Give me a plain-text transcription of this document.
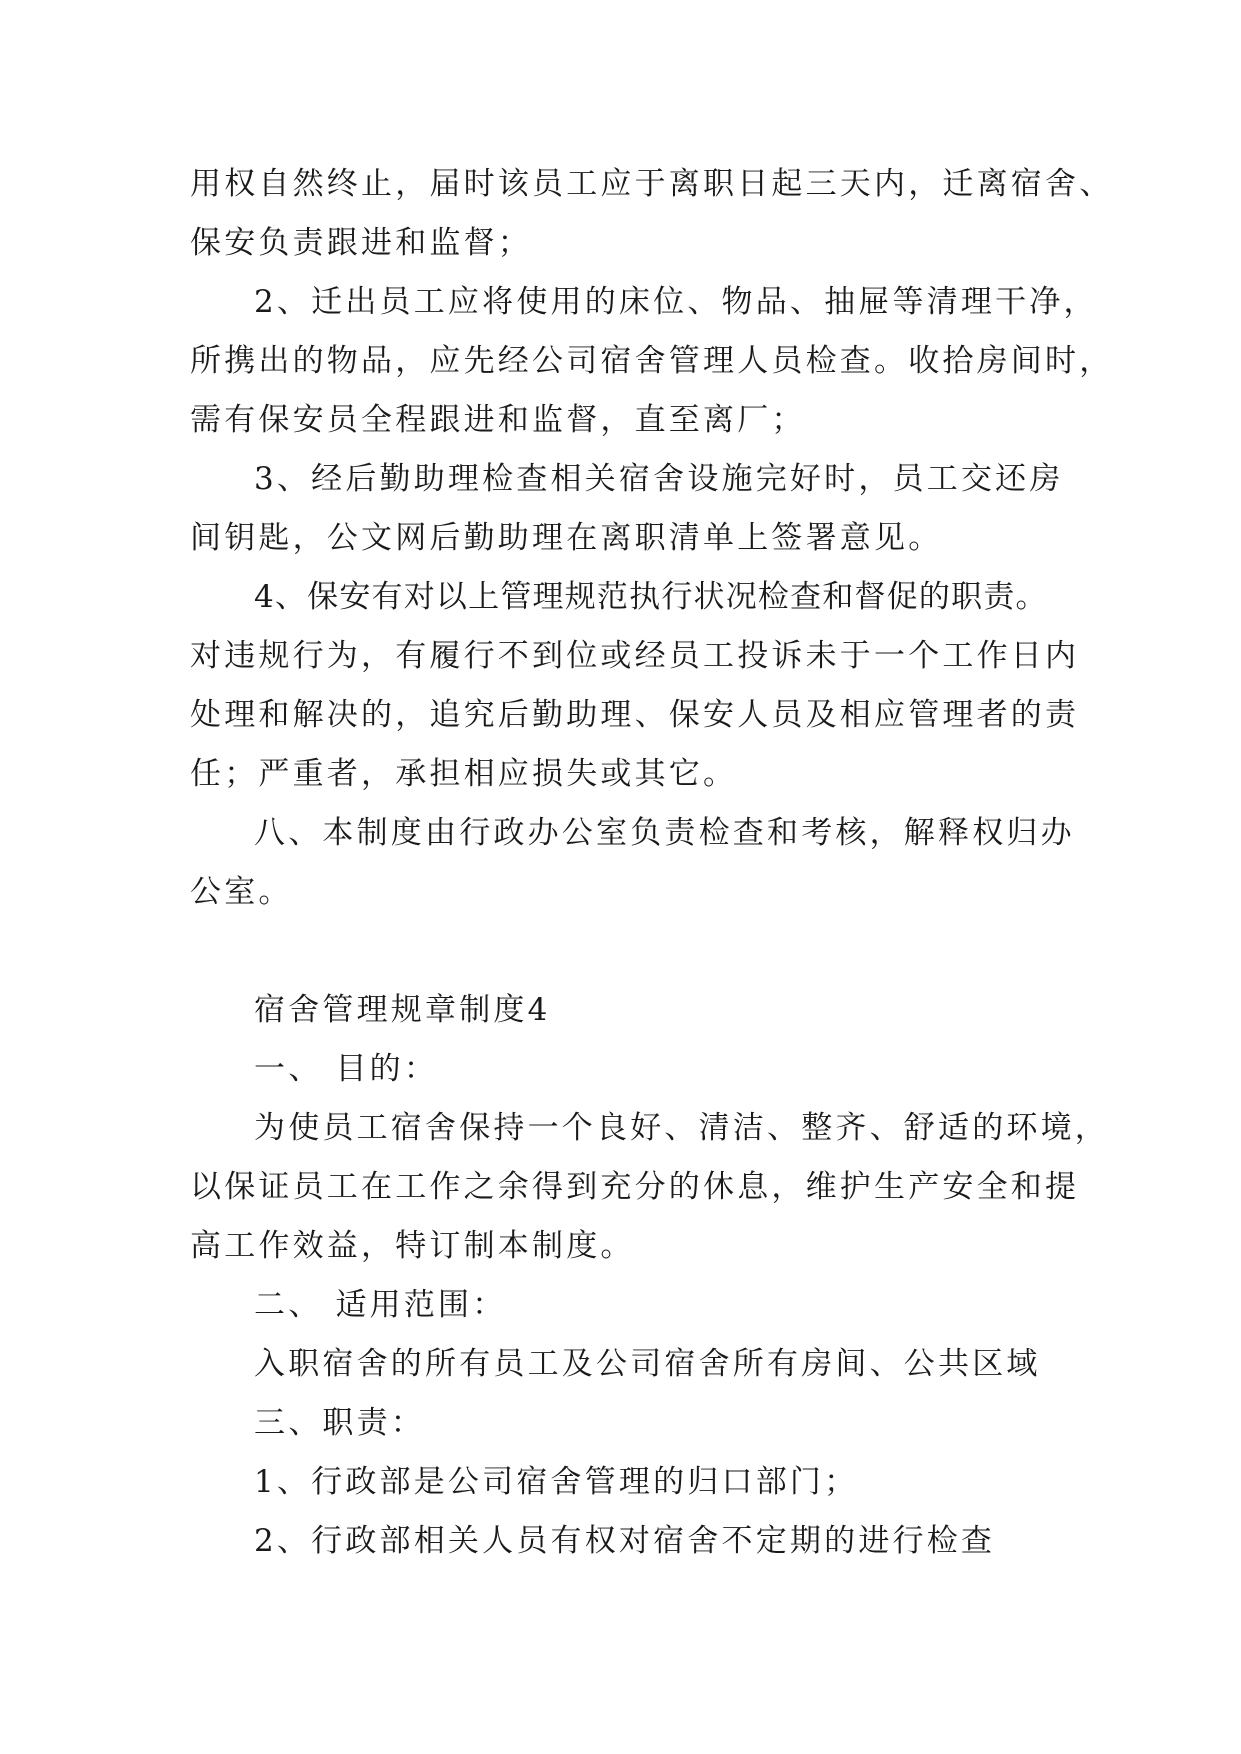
用权自然终止，届时该员工应于离职日起三天内，迁离宿舍、
保安负责跟进和监督；
2、迁出员工应将使用的床位、物品、抽屉等清理干净，
所携出的物品，应先经公司宿舍管理人员检查。收拾房间时，
需有保安员全程跟进和监督，直至离厂；
3、经后勤助理检查相关宿舍设施完好时，员工交还房
间钥匙，公文网后勤助理在离职清单上签署意见。
4、保安有对以上管理规范执行状况检查和督促的职责。
对违规行为，有履行不到位或经员工投诉未于一个工作日内
处理和解决的，追究后勤助理、保安人员及相应管理者的责
任；严重者，承担相应损失或其它。
八、本制度由行政办公室负责检查和考核，解释权归办
公室。
宿舍管理规章制度4
一、 目的：
为使员工宿舍保持一个良好、清洁、整齐、舒适的环境，
以保证员工在工作之余得到充分的休息，维护生产安全和提
高工作效益，特订制本制度。
二、 适用范围：
入职宿舍的所有员工及公司宿舍所有房间、公共区域
三、职责：
1、行政部是公司宿舍管理的归口部门；
2、行政部相关人员有权对宿舍不定期的进行检查
